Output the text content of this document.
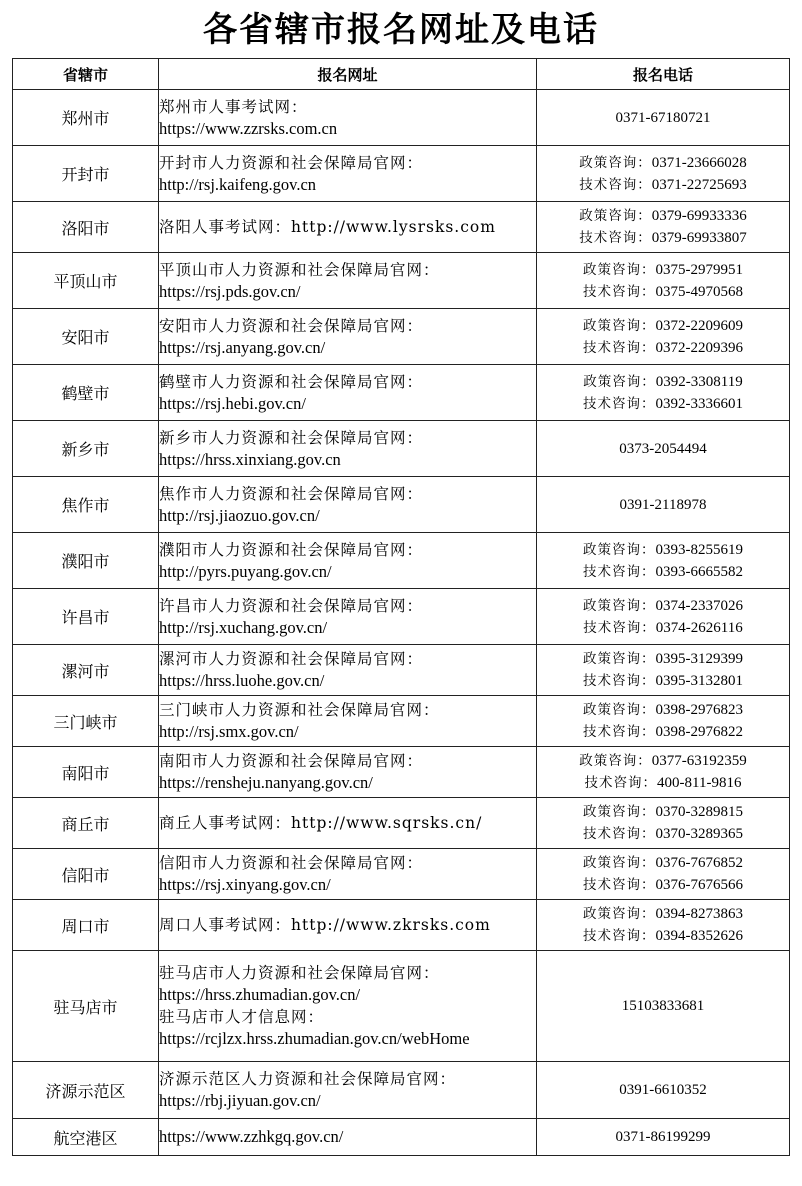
各省辖市报名网址及电话
省辖市	报名网址	报名电话
郑州市	郑州市人事考试网：
https://www.zzrsks.com.cn	0371-67180721

开封市	开封市人力资源和社会保障局官网：
http://rsj.kaifeng.gov.cn	政策咨询：0371-23666028
技术咨询：0371-22725693

洛阳市	洛阳人事考试网：http://www.lysrsks.com	政策咨询：0379-69933336
技术咨询：0379-69933807

平顶山市	平顶山市人力资源和社会保障局官网：
https://rsj.pds.gov.cn/	政策咨询：0375-2979951
技术咨询：0375-4970568

安阳市	安阳市人力资源和社会保障局官网：
https://rsj.anyang.gov.cn/	政策咨询：0372-2209609
技术咨询：0372-2209396

鹤壁市	鹤壁市人力资源和社会保障局官网：
https://rsj.hebi.gov.cn/	政策咨询：0392-3308119
技术咨询：0392-3336601

新乡市	新乡市人力资源和社会保障局官网：
https://hrss.xinxiang.gov.cn	0373-2054494

焦作市	焦作市人力资源和社会保障局官网：
http://rsj.jiaozuo.gov.cn/	0391-2118978

濮阳市	濮阳市人力资源和社会保障局官网：
http://pyrs.puyang.gov.cn/	政策咨询：0393-8255619
技术咨询：0393-6665582

许昌市	许昌市人力资源和社会保障局官网：
http://rsj.xuchang.gov.cn/	政策咨询：0374-2337026
技术咨询：0374-2626116

漯河市	漯河市人力资源和社会保障局官网：
https://hrss.luohe.gov.cn/	政策咨询：0395-3129399
技术咨询：0395-3132801

三门峡市	三门峡市人力资源和社会保障局官网：
http://rsj.smx.gov.cn/	政策咨询：0398-2976823
技术咨询：0398-2976822

南阳市	南阳市人力资源和社会保障局官网：
https://rensheju.nanyang.gov.cn/	政策咨询：0377-63192359
技术咨询：400-811-9816

商丘市	商丘人事考试网：http://www.sqrsks.cn/	政策咨询：0370-3289815
技术咨询：0370-3289365

信阳市	信阳市人力资源和社会保障局官网：
https://rsj.xinyang.gov.cn/	政策咨询：0376-7676852
技术咨询：0376-7676566

周口市	周口人事考试网：http://www.zkrsks.com	政策咨询：0394-8273863
技术咨询：0394-8352626

驻马店市	驻马店市人力资源和社会保障局官网：
https://hrss.zhumadian.gov.cn/
驻马店市人才信息网：
https://rcjlzx.hrss.zhumadian.gov.cn/webHome	15103833681

济源示范区	济源示范区人力资源和社会保障局官网：
https://rbj.jiyuan.gov.cn/	0391-6610352

航空港区	https://www.zzhkgq.gov.cn/	0371-86199299
